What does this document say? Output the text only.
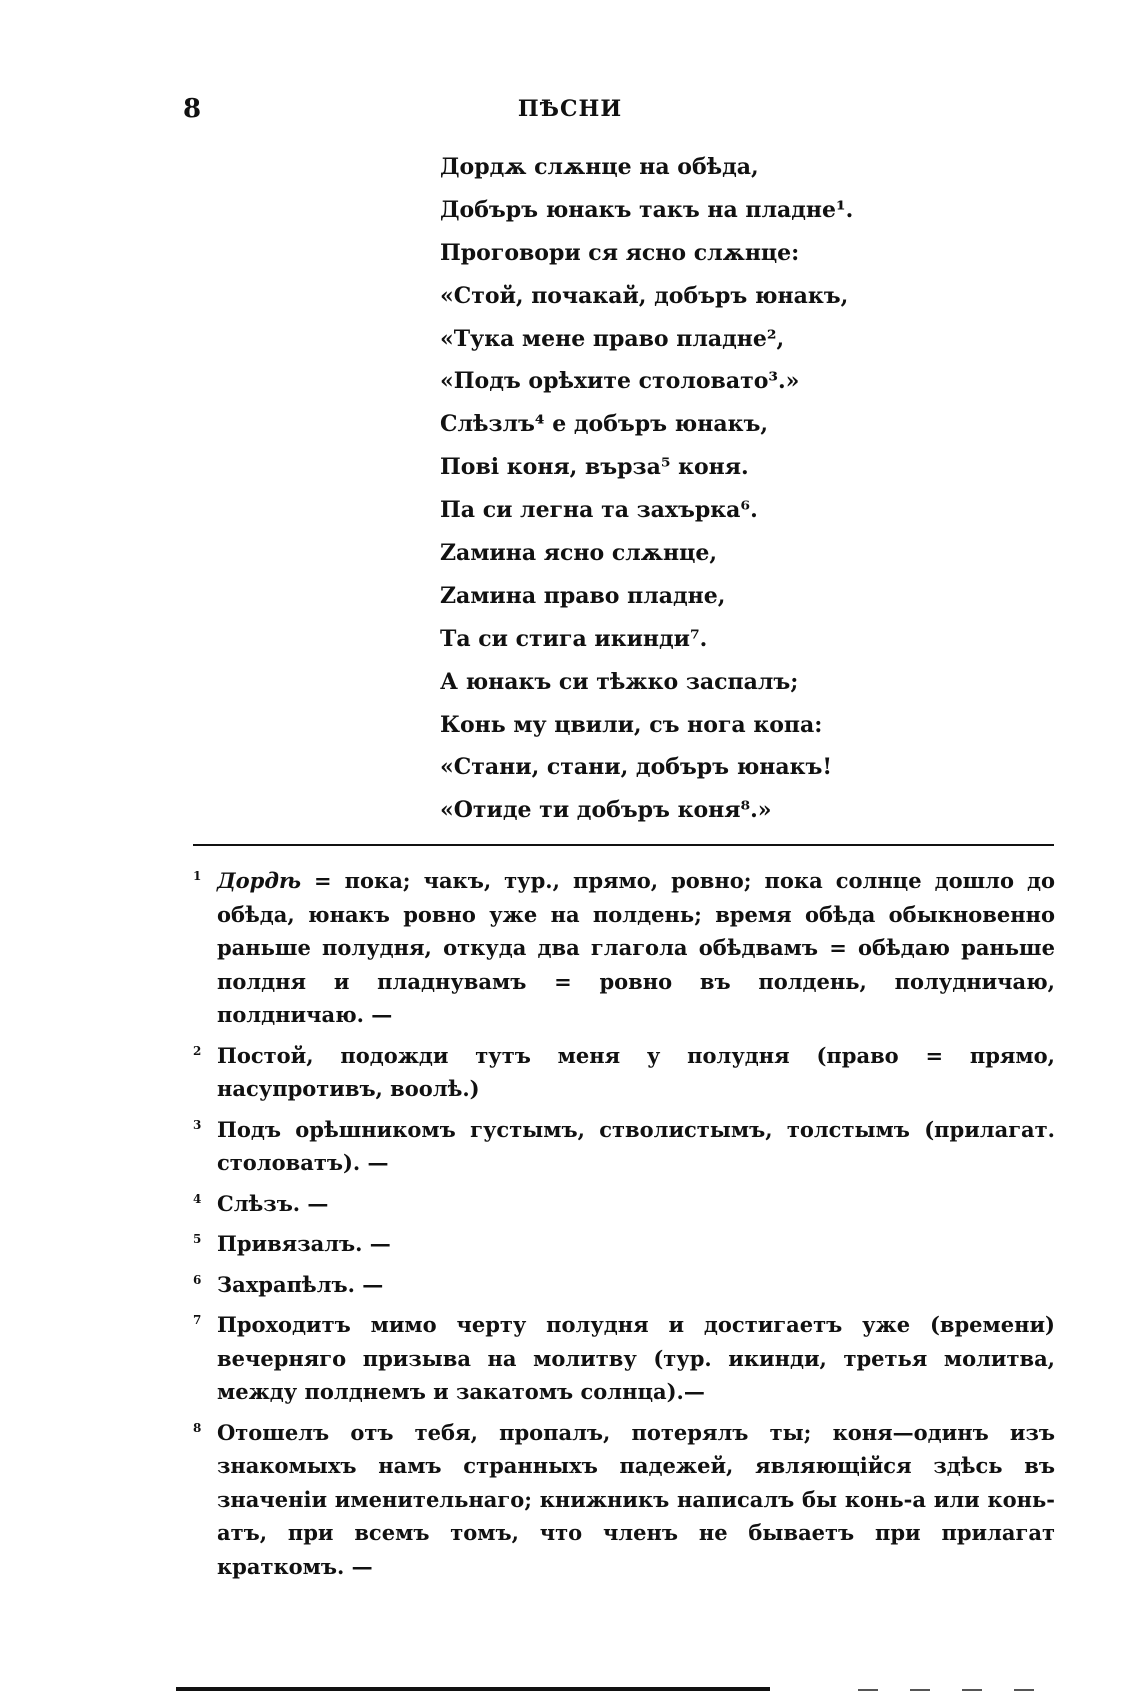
8	ПѢСНИ
Дордѫ слѫнце на обѣда,
Добъръ юнакъ такъ на пладне¹.
Проговори ся ясно слѫнце:
«Стой, почакай, добъръ юнакъ,
«Тука мене право пладне²,
«Подъ орѣхите столовато³.»
Слѣзлъ⁴ е добъръ юнакъ,
Пові коня, върза⁵ коня.
Па си легна та захърка⁶.
Ζамина ясно слѫнце,
Ζамина право пладне,
Та си стига икинди⁷.
А юнакъ си тѣжко заспалъ;
Конь му цвили, съ нога копа:
«Стани, стани, добъръ юнакъ!
«Отиде ти добъръ коня⁸.»
1 Дордѣ = пока; чакъ, тур., прямо, ровно; пока солнце дошло до обѣда, юнакъ ровно уже на полдень; время обѣда обыкновенно раньше полудня, откуда два глагола обѣдвамъ = обѣдаю раньше полдня и пладнувамъ = ровно въ полдень, полудничаю, полдничаю. —
2 Постой, подожди тутъ меня у полудня (право = прямо, насупротивъ, воолѣ.)
3 Подъ орѣшникомъ густымъ, стволистымъ, толстымъ (прилагат. столоватъ). —
4 Слѣзъ. —
5 Привязалъ. —
6 Захрапѣлъ. —
7 Проходитъ мимо черту полудня и достигаетъ уже (времени) вечерняго призыва на молитву (тур. икинди, третья молитва, между полднемъ и закатомъ солнца).—
8 Отошелъ отъ тебя, пропалъ, потерялъ ты; коня—одинъ изъ знакомыхъ намъ странныхъ падежей, являющійся здѣсь въ значеніи именительнаго; книжникъ написалъ бы конь-а или конь-атъ, при всемъ томъ, что членъ не бываетъ при прилагат краткомъ. —
